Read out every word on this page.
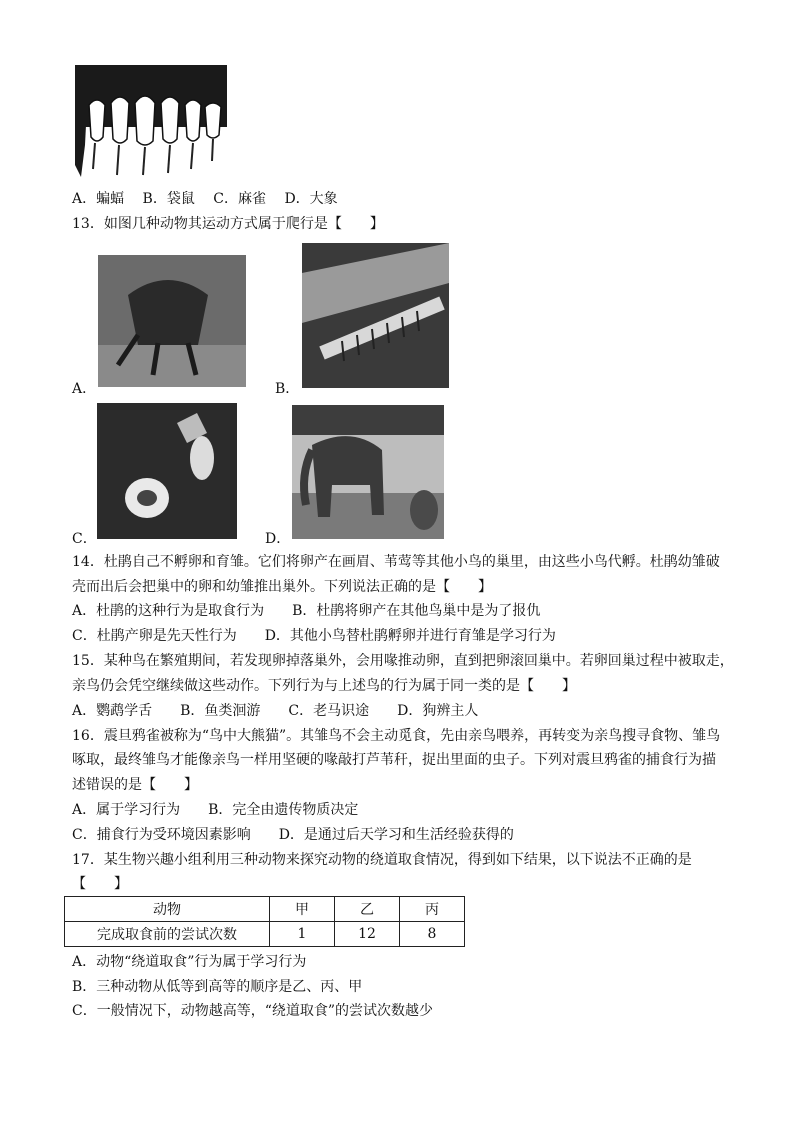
A．蝙蝠　 B．袋鼠　 C．麻雀　 D．大象
13．如图几种动物其运动方式属于爬行是【　　】
A．	B．
C．	D．
14．杜鹃自己不孵卵和育雏。它们将卵产在画眉、苇莺等其他小鸟的巢里，由这些小鸟代孵。杜鹃幼雏破
壳而出后会把巢中的卵和幼雏推出巢外。下列说法正确的是【　　】
A．杜鹃的这种行为是取食行为　　B．杜鹃将卵产在其他鸟巢中是为了报仇
C．杜鹃产卵是先天性行为　　D．其他小鸟替杜鹃孵卵并进行育雏是学习行为
15．某种鸟在繁殖期间，若发现卵掉落巢外，会用喙推动卵，直到把卵滚回巢中。若卵回巢过程中被取走，
亲鸟仍会凭空继续做这些动作。下列行为与上述鸟的行为属于同一类的是【　　】
A．鹦鹉学舌　　B．鱼类洄游　　C．老马识途　　D．狗辨主人
16．震旦鸦雀被称为“鸟中大熊猫”。其雏鸟不会主动觅食，先由亲鸟喂养，再转变为亲鸟搜寻食物、雏鸟
啄取，最终雏鸟才能像亲鸟一样用坚硬的喙敲打芦苇秆，捉出里面的虫子。下列对震旦鸦雀的捕食行为描
述错误的是【　　】
A．属于学习行为　　B．完全由遗传物质决定
C．捕食行为受环境因素影响　　D．是通过后天学习和生活经验获得的
17．某生物兴趣小组利用三种动物来探究动物的绕道取食情况，得到如下结果，以下说法不正确的是
【　　】
动物	甲	乙	丙
完成取食前的尝试次数	1	12	8
A．动物“绕道取食”行为属于学习行为
B．三种动物从低等到高等的顺序是乙、丙、甲
C．一般情况下，动物越高等，“绕道取食”的尝试次数越少
